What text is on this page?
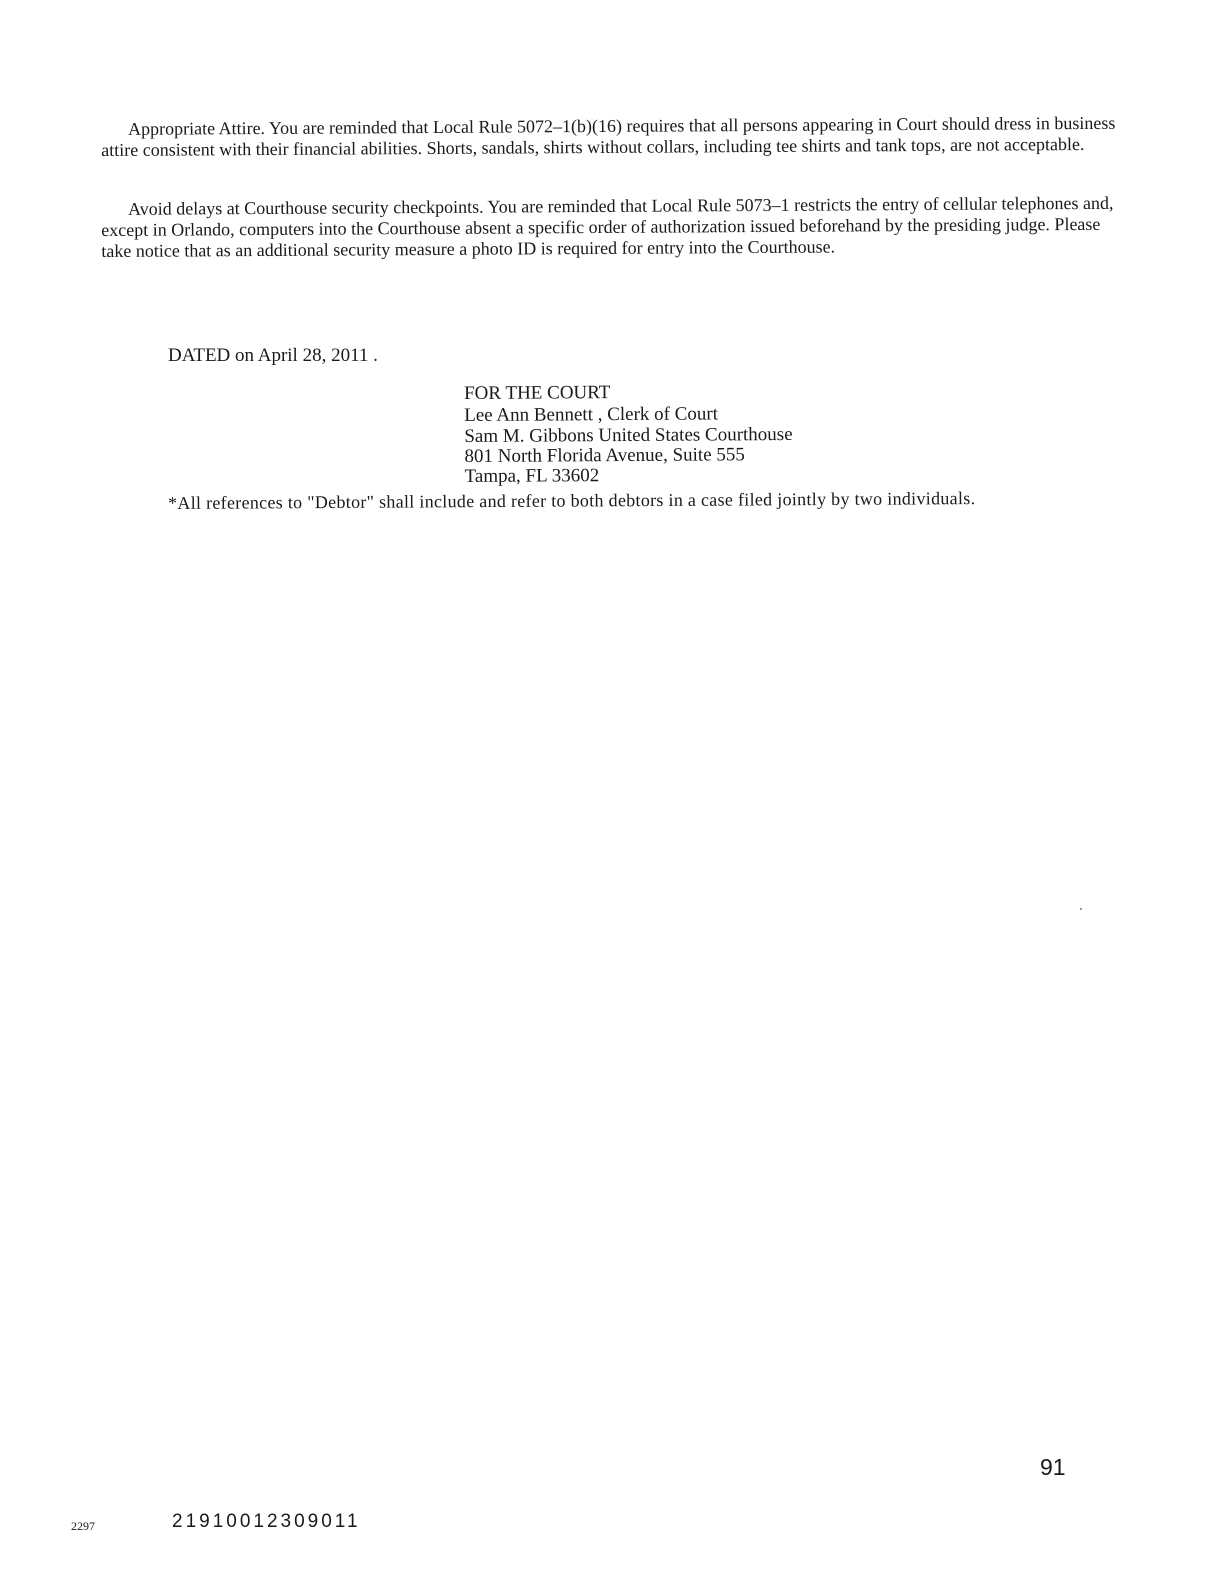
Appropriate Attire. You are reminded that Local Rule 5072–1(b)(16) requires that all persons appearing in Court should dress in business attire consistent with their financial abilities. Shorts, sandals, shirts without collars, including tee shirts and tank tops, are not acceptable.

Avoid delays at Courthouse security checkpoints. You are reminded that Local Rule 5073–1 restricts the entry of cellular telephones and, except in Orlando, computers into the Courthouse absent a specific order of authorization issued beforehand by the presiding judge. Please take notice that as an additional security measure a photo ID is required for entry into the Courthouse.

DATED on April 28, 2011 .

FOR THE COURT
Lee Ann Bennett , Clerk of Court
Sam M. Gibbons United States Courthouse
801 North Florida Avenue, Suite 555
Tampa, FL 33602

*All references to "Debtor" shall include and refer to both debtors in a case filed jointly by two individuals.

91
2297	21910012309011
